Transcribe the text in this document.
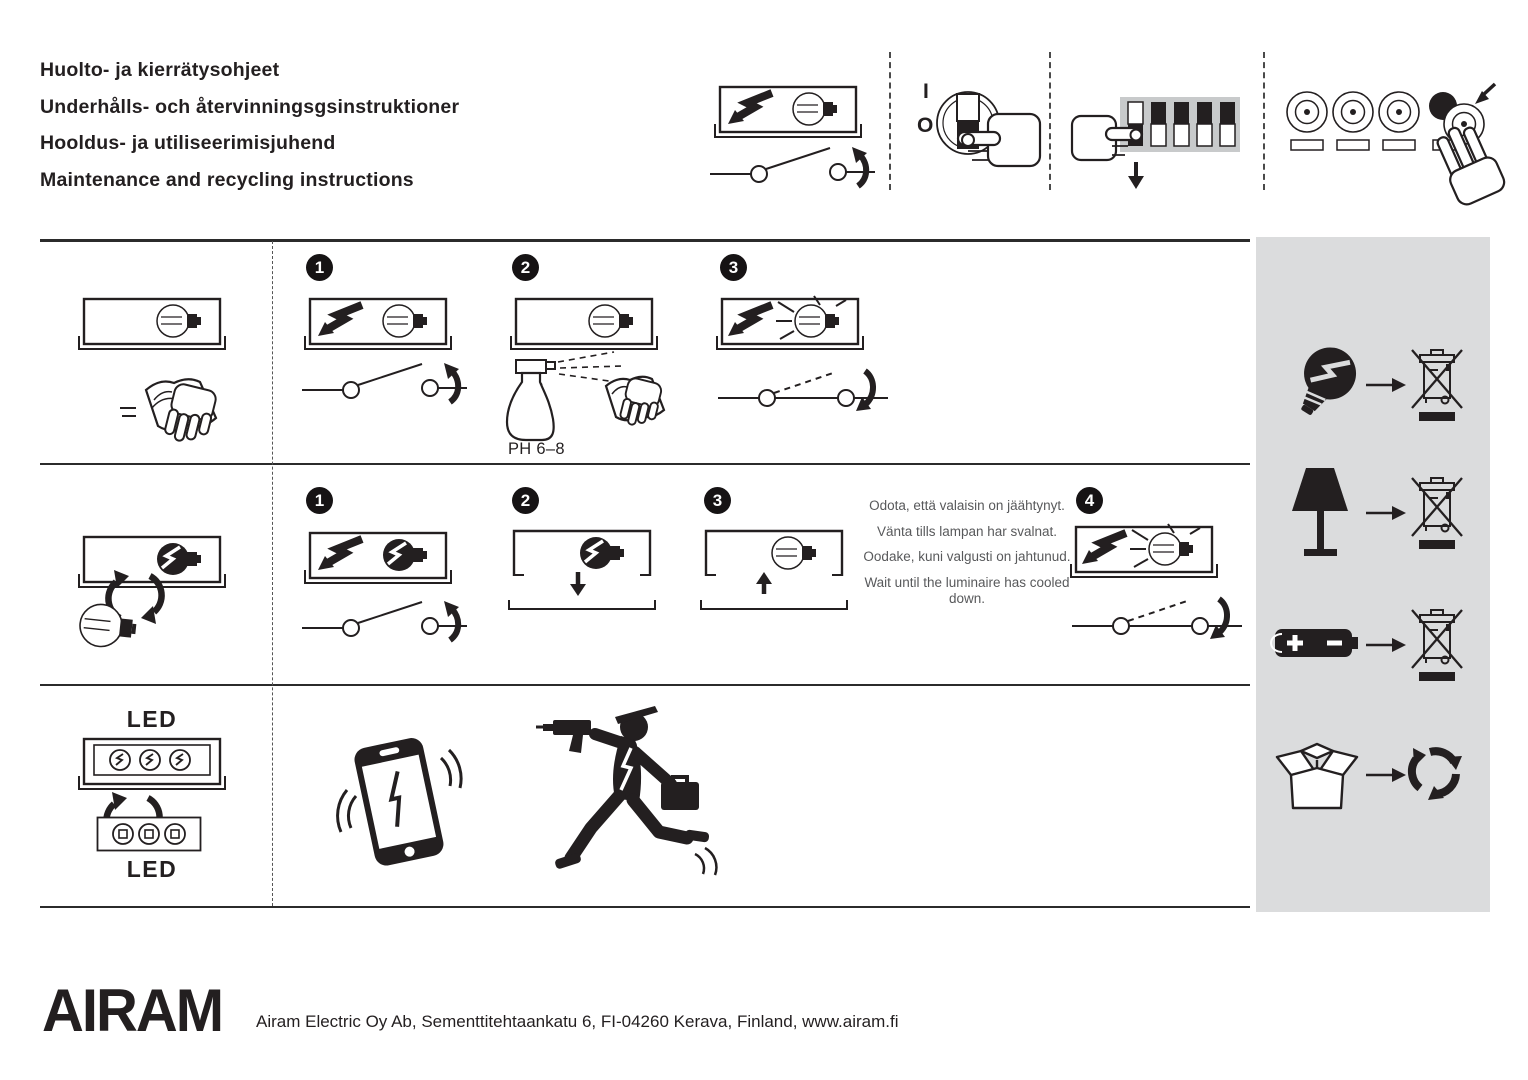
Huolto- ja kierrätysohjeet
Underhålls- och återvinningsgsinstruktioner
Hooldus- ja utiliseerimisjuhend
Maintenance and recycling instructions
I
O
1	2
PH 6–8
3
1	2	3	Odota, että valaisin on jäähtynyt.

Vänta tills lampan har svalnat.

Oodake, kuni valgusti on jahtunud.

Wait until the luminaire has cooled down.

4
LED
LED
AIRAM Airam Electric Oy Ab, Sementtitehtaankatu 6, FI-04260 Kerava, Finland, www.airam.fi
